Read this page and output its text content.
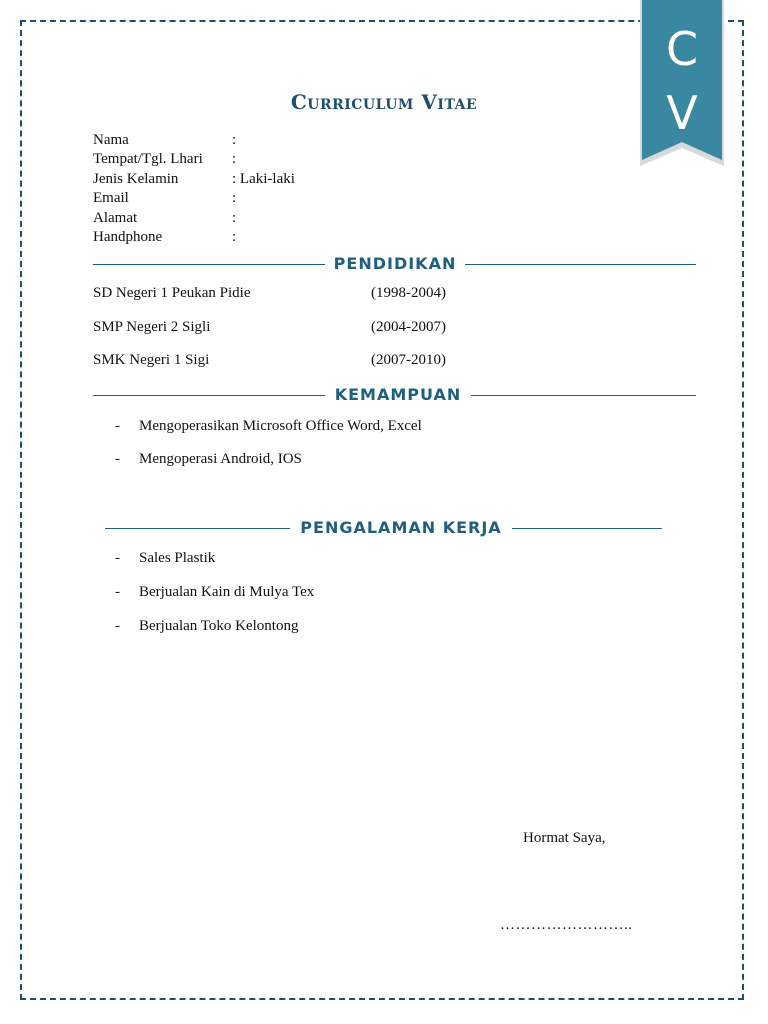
C
V
Curriculum Vitae
Nama	:
Tempat/Tgl. Lhari :
Jenis Kelamin	: Laki-laki
Email	:
Alamat	:
Handphone	:
PENDIDIKAN
SD Negeri 1 Peukan Pidie	(1998-2004)
SMP Negeri 2 Sigli	(2004-2007)
SMK Negeri 1 Sigi	(2007-2010)
KEMAMPUAN
- Mengoperasikan Microsoft Office Word, Excel
- Mengoperasi Android, IOS
PENGALAMAN KERJA
- Sales Plastik
- Berjualan Kain di Mulya Tex
- Berjualan Toko Kelontong
Hormat Saya,
……………………..
